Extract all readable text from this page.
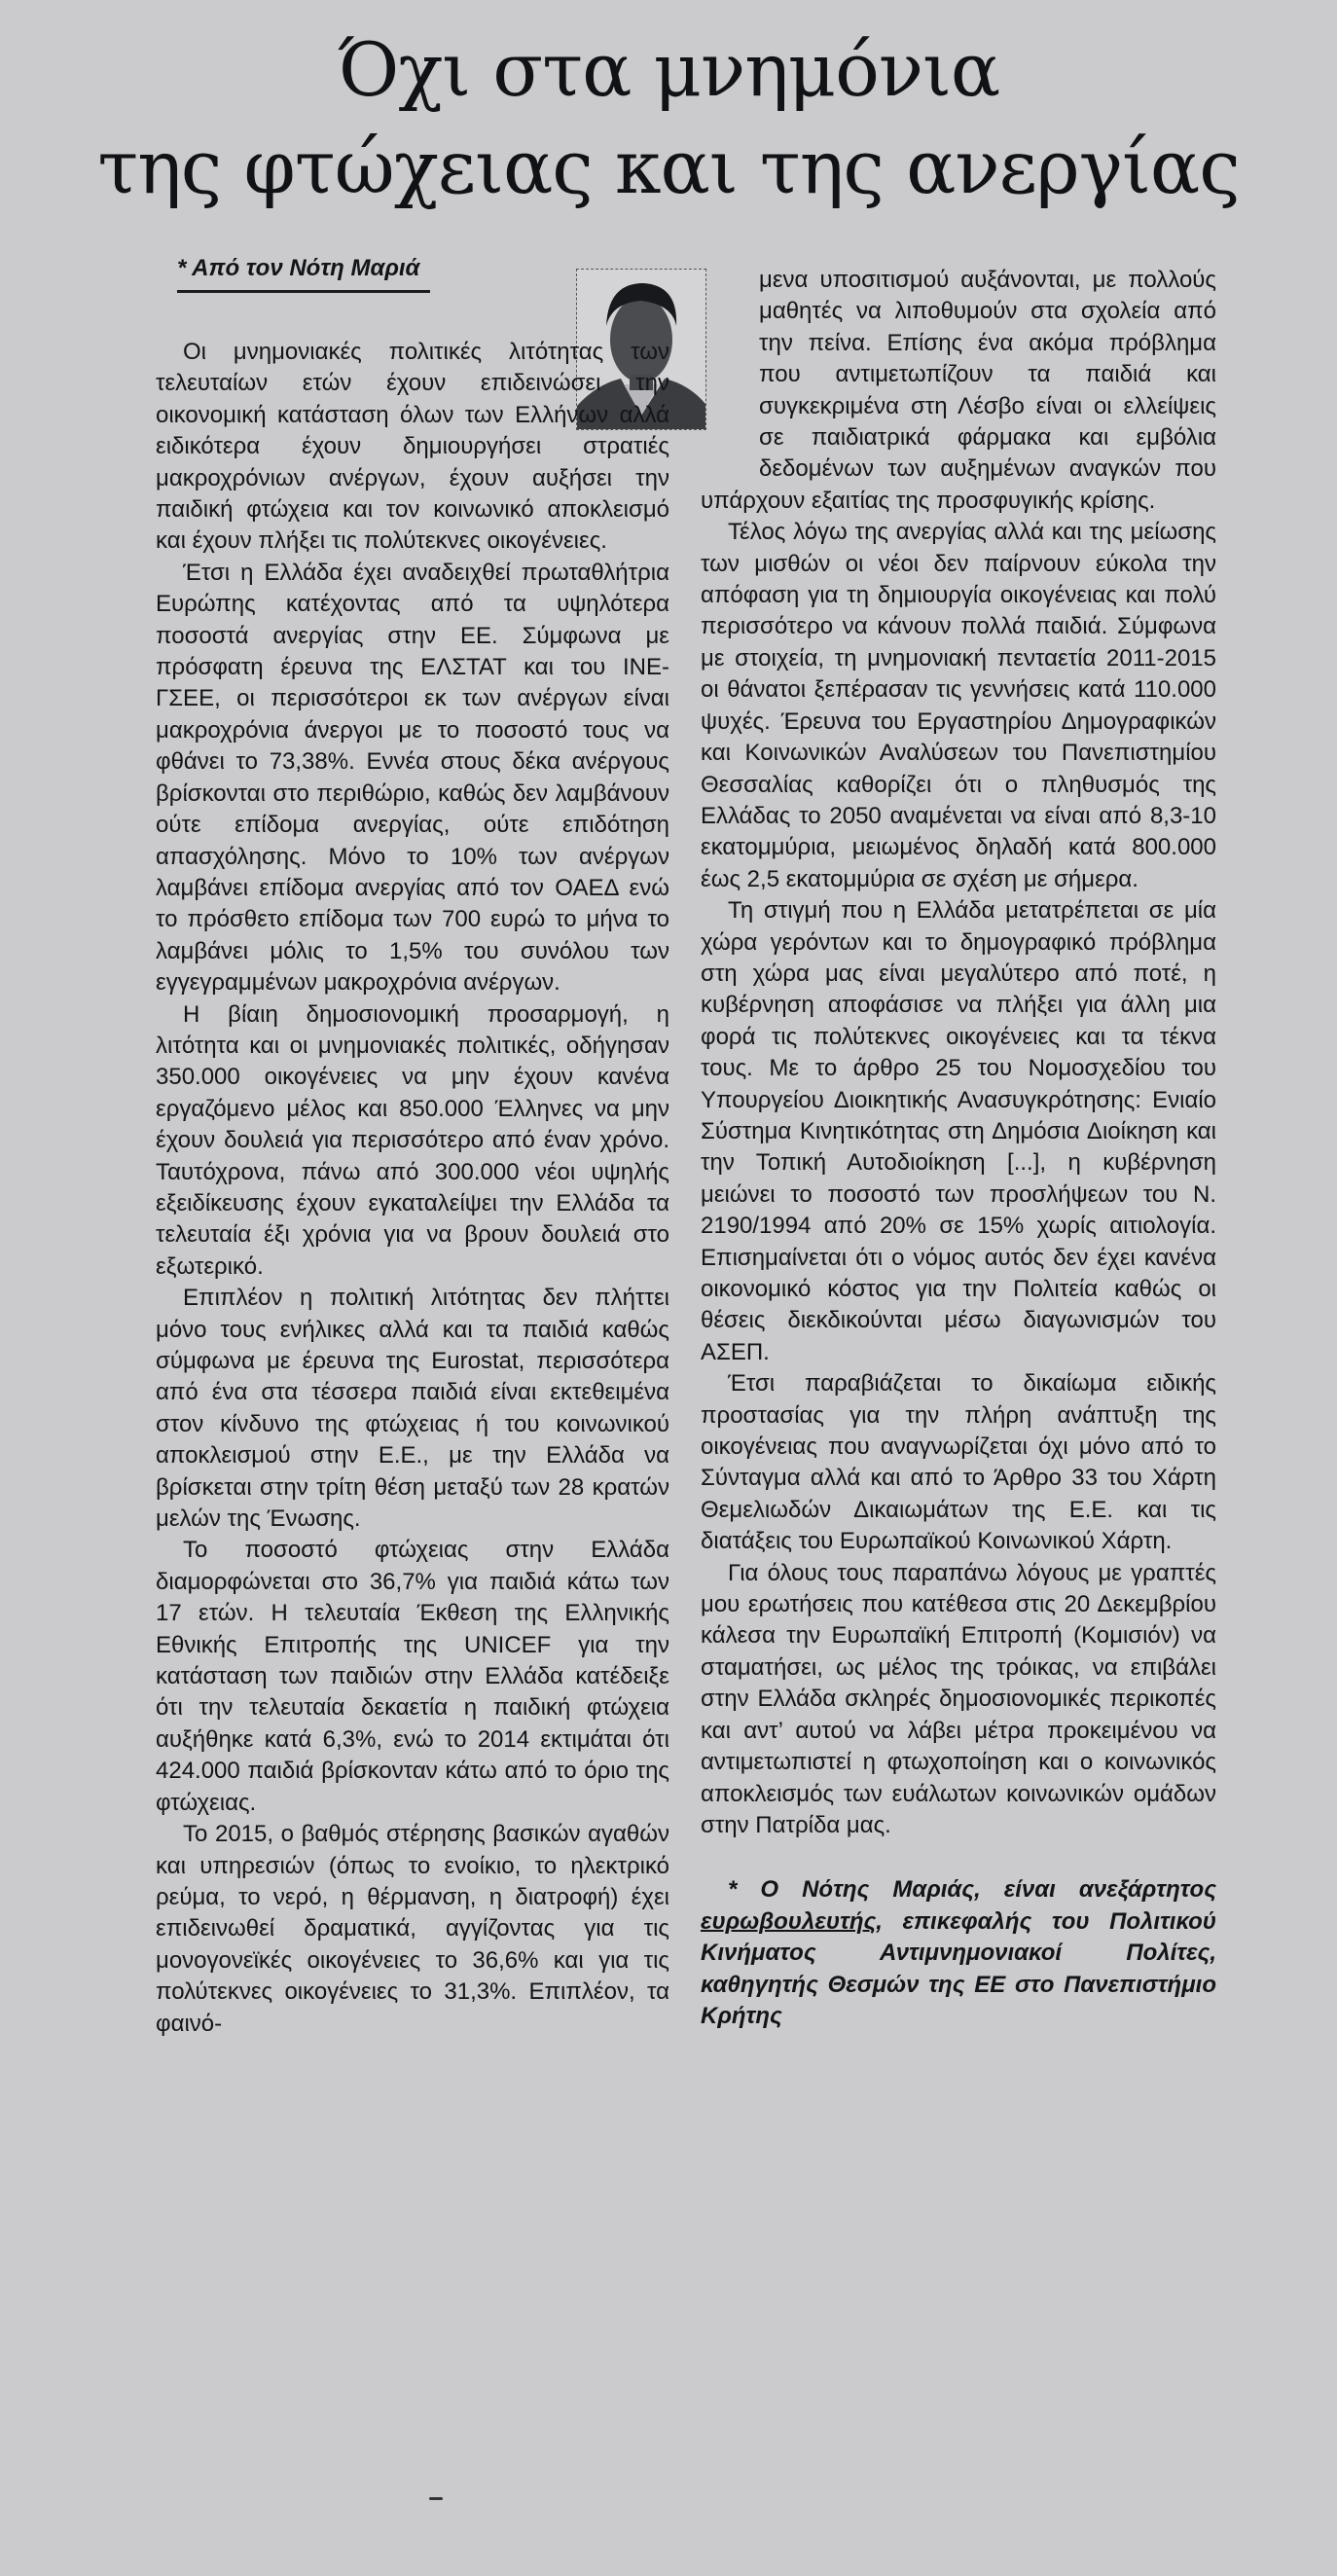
Όχι στα μνημόνια
της φτώχειας και της ανεργίας
* Από τον Νότη Μαριά

Οι μνημονιακές πολιτικές λιτότητας των τελευταίων ετών έχουν επιδεινώσει την οικονομική κατάσταση όλων των Ελλήνων αλλά ειδικότερα έχουν δημιουργήσει στρατιές μακροχρόνιων ανέργων, έχουν αυξήσει την παιδική φτώχεια και τον κοινωνικό αποκλεισμό και έχουν πλήξει τις πολύτεκνες οικογένειες.

Έτσι η Ελλάδα έχει αναδειχθεί πρωταθλήτρια Ευρώπης κατέχοντας από τα υψηλότερα ποσοστά ανεργίας στην ΕΕ. Σύμφωνα με πρόσφατη έρευνα της ΕΛΣΤΑΤ και του ΙΝΕ-ΓΣΕΕ, οι περισσότεροι εκ των ανέργων είναι μακροχρόνια άνεργοι με το ποσοστό τους να φθάνει το 73,38%. Εννέα στους δέκα ανέργους βρίσκονται στο περιθώριο, καθώς δεν λαμβάνουν ούτε επίδομα ανεργίας, ούτε επιδότηση απασχόλησης. Μόνο το 10% των ανέργων λαμβάνει επίδομα ανεργίας από τον ΟΑΕΔ ενώ το πρόσθετο επίδομα των 700 ευρώ το μήνα το λαμβάνει μόλις το 1,5% του συνόλου των εγγεγραμμένων μακροχρόνια ανέργων.

Η βίαιη δημοσιονομική προσαρμογή, η λιτότητα και οι μνημονιακές πολιτικές, οδήγησαν 350.000 οικογένειες να μην έχουν κανένα εργαζόμενο μέλος και 850.000 Έλληνες να μην έχουν δουλειά για περισσότερο από έναν χρόνο. Ταυτόχρονα, πάνω από 300.000 νέοι υψηλής εξειδίκευσης έχουν εγκαταλείψει την Ελλάδα τα τελευταία έξι χρόνια για να βρουν δουλειά στο εξωτερικό.

Επιπλέον η πολιτική λιτότητας δεν πλήττει μόνο τους ενήλικες αλλά και τα παιδιά καθώς σύμφωνα με έρευνα της Eurostat, περισσότερα από ένα στα τέσσερα παιδιά είναι εκτεθειμένα στον κίνδυνο της φτώχειας ή του κοινωνικού αποκλεισμού στην Ε.Ε., με την Ελλάδα να βρίσκεται στην τρίτη θέση μεταξύ των 28 κρατών μελών της Ένωσης.

Το ποσοστό φτώχειας στην Ελλάδα διαμορφώνεται στο 36,7% για παιδιά κάτω των 17 ετών. Η τελευταία Έκθεση της Ελληνικής Εθνικής Επιτροπής της UNICEF για την κατάσταση των παιδιών στην Ελλάδα κατέδειξε ότι την τελευταία δεκαετία η παιδική φτώχεια αυξήθηκε κατά 6,3%, ενώ το 2014 εκτιμάται ότι 424.000 παιδιά βρίσκονταν κάτω από το όριο της φτώχειας.

Το 2015, ο βαθμός στέρησης βασικών αγαθών και υπηρεσιών (όπως το ενοίκιο, το ηλεκτρικό ρεύμα, το νερό, η θέρμανση, η διατροφή) έχει επιδεινωθεί δραματικά, αγγίζοντας για τις μονογονεϊκές οικογένειες το 36,6% και για τις πολύτεκνες οικογένειες το 31,3%. Επιπλέον, τα φαινό-

μενα υποσιτισμού αυξάνονται, με πολλούς μαθητές να λιποθυμούν στα σχολεία από την πείνα. Επίσης ένα ακόμα πρόβλημα που αντιμετωπίζουν τα παιδιά και συγκεκριμένα στη Λέσβο είναι οι ελλείψεις σε παιδιατρικά φάρμακα και εμβόλια δεδομένων των αυξημένων αναγκών που υπάρχουν εξαιτίας της προσφυγικής κρίσης.

Τέλος λόγω της ανεργίας αλλά και της μείωσης των μισθών οι νέοι δεν παίρνουν εύκολα την απόφαση για τη δημιουργία οικογένειας και πολύ περισσότερο να κάνουν πολλά παιδιά. Σύμφωνα με στοιχεία, τη μνημονιακή πενταετία 2011-2015 οι θάνατοι ξεπέρασαν τις γεννήσεις κατά 110.000 ψυχές. Έρευνα του Εργαστηρίου Δημογραφικών και Κοινωνικών Αναλύσεων του Πανεπιστημίου Θεσσαλίας καθορίζει ότι ο πληθυσμός της Ελλάδας το 2050 αναμένεται να είναι από 8,3-10 εκατομμύρια, μειωμένος δηλαδή κατά 800.000 έως 2,5 εκατομμύρια σε σχέση με σήμερα.

Τη στιγμή που η Ελλάδα μετατρέπεται σε μία χώρα γερόντων και το δημογραφικό πρόβλημα στη χώρα μας είναι μεγαλύτερο από ποτέ, η κυβέρνηση αποφάσισε να πλήξει για άλλη μια φορά τις πολύτεκνες οικογένειες και τα τέκνα τους. Με το άρθρο 25 του Νομοσχεδίου του Υπουργείου Διοικητικής Ανασυγκρότησης: Ενιαίο Σύστημα Κινητικότητας στη Δημόσια Διοίκηση και την Τοπική Αυτοδιοίκηση [...], η κυβέρνηση μειώνει το ποσοστό των προσλήψεων του Ν. 2190/1994 από 20% σε 15% χωρίς αιτιολογία. Επισημαίνεται ότι ο νόμος αυτός δεν έχει κανένα οικονομικό κόστος για την Πολιτεία καθώς οι θέσεις διεκδικούνται μέσω διαγωνισμών του ΑΣΕΠ.

Έτσι παραβιάζεται το δικαίωμα ειδικής προστασίας για την πλήρη ανάπτυξη της οικογένειας που αναγνωρίζεται όχι μόνο από το Σύνταγμα αλλά και από το Άρθρο 33 του Χάρτη Θεμελιωδών Δικαιωμάτων της Ε.Ε. και τις διατάξεις του Ευρωπαϊκού Κοινωνικού Χάρτη.

Για όλους τους παραπάνω λόγους με γραπτές μου ερωτήσεις που κατέθεσα στις 20 Δεκεμβρίου κάλεσα την Ευρωπαϊκή Επιτροπή (Κομισιόν) να σταματήσει, ως μέλος της τρόικας, να επιβάλει στην Ελλάδα σκληρές δημοσιονομικές περικοπές και αντ’ αυτού να λάβει μέτρα προκειμένου να αντιμετωπιστεί η φτωχοποίηση και ο κοινωνικός αποκλεισμός των ευάλωτων κοινωνικών ομάδων στην Πατρίδα μας.

* Ο Νότης Μαριάς, είναι ανεξάρτητος ευρωβουλευτής, επικεφαλής του Πολιτικού Κινήματος Αντιμνημονιακοί Πολίτες, καθηγητής Θεσμών της ΕΕ στο Πανεπιστήμιο Κρήτης
